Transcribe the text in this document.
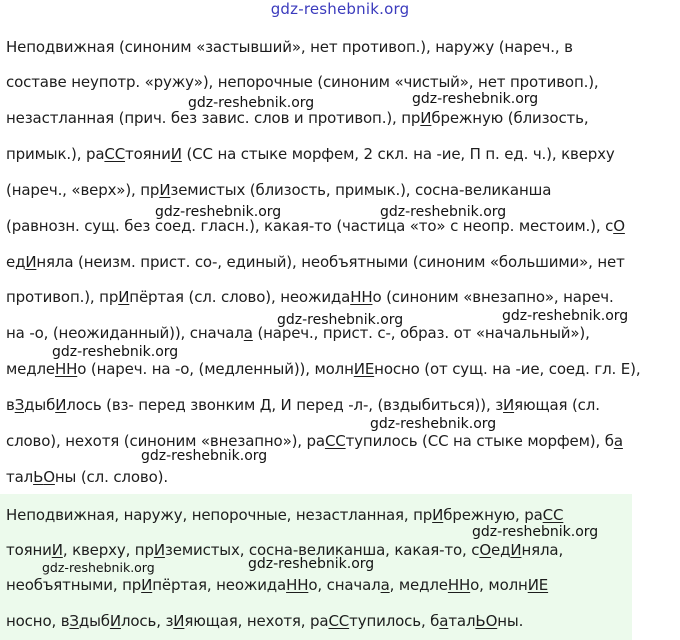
gdz-reshebnik.org
Неподвижная (синоним «застывший», нет противоп.), наружу (нареч., в
составе неупотр. «ружу»), непорочные (синоним «чистый», нет противоп.),
незастланная (прич. без завис. слов и противоп.), прИбрежную (близость,
примык.), раССтояниИ (СС на стыке морфем, 2 скл. на -ие, П п. ед. ч.), кверху
(нареч., «верх»), прИземистых (близость, примык.), сосна-великанша
(равнозн. сущ. без соед. гласн.), какая-то (частица «то» с неопр. местоим.), сО
едИняла (неизм. прист. со-, единый), необъятными (синоним «большими», нет
противоп.), прИпёртая (сл. слово), неожидаННо (синоним «внезапно», нареч.
на -о, (неожиданный)), сначала (нареч., прист. с-, образ. от «начальный»),
медлеННо (нареч. на -о, (медленный)), молнИЕносно (от сущ. на -ие, соед. гл. Е),
вЗдыбИлось (вз- перед звонким Д, И перед -л-, (вздыбиться)), зИяющая (сл.
слово), нехотя (синоним «внезапно»), раССтупилось (СС на стыке морфем), ба
талЬОны (сл. слово).
Неподвижная, наружу, непорочные, незастланная, прИбрежную, раСС
тояниИ, кверху, прИземистых, сосна-великанша, какая-то, сОедИняла,
необъятными, прИпёртая, неожидаННо, сначала, медлеННо, молнИЕ
носно, вЗдыбИлось, зИяющая, нехотя, раССтупилось, баталЬОны.
gdz-reshebnik.org	gdz-reshebnik.org
gdz-reshebnik.org	gdz-reshebnik.org
gdz-reshebnik.org	gdz-reshebnik.org
gdz-reshebnik.org
gdz-reshebnik.org
gdz-reshebnik.org
gdz-reshebnik.org
gdz-reshebnik.org	gdz-reshebnik.org
